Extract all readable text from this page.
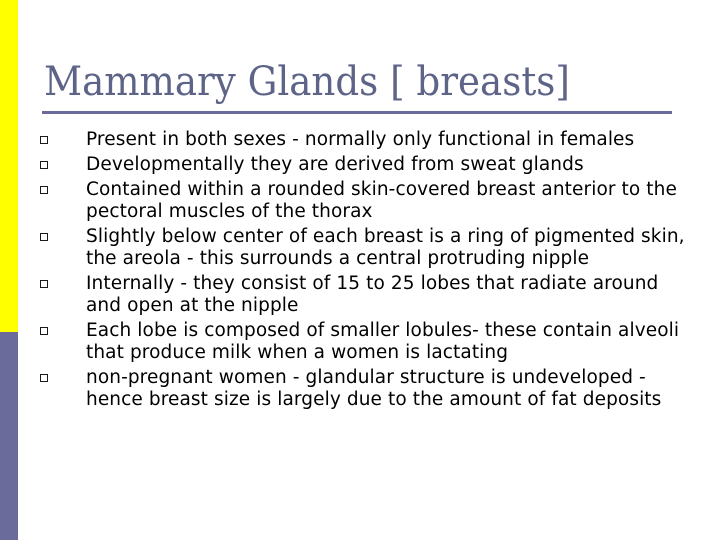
Mammary Glands [ breasts]
Present in both sexes - normally only functional in females
Developmentally they are derived from sweat glands
Contained within a rounded skin-covered breast anterior to the pectoral muscles of the thorax
Slightly below center of each breast is a ring of pigmented skin, the areola - this surrounds a central protruding nipple
Internally - they consist of 15 to 25 lobes that radiate around and open at the nipple
Each lobe is composed of smaller lobules- these contain alveoli that produce milk when a women is lactating
non-pregnant women - glandular structure is undeveloped - hence breast size is largely due to the amount of fat deposits
